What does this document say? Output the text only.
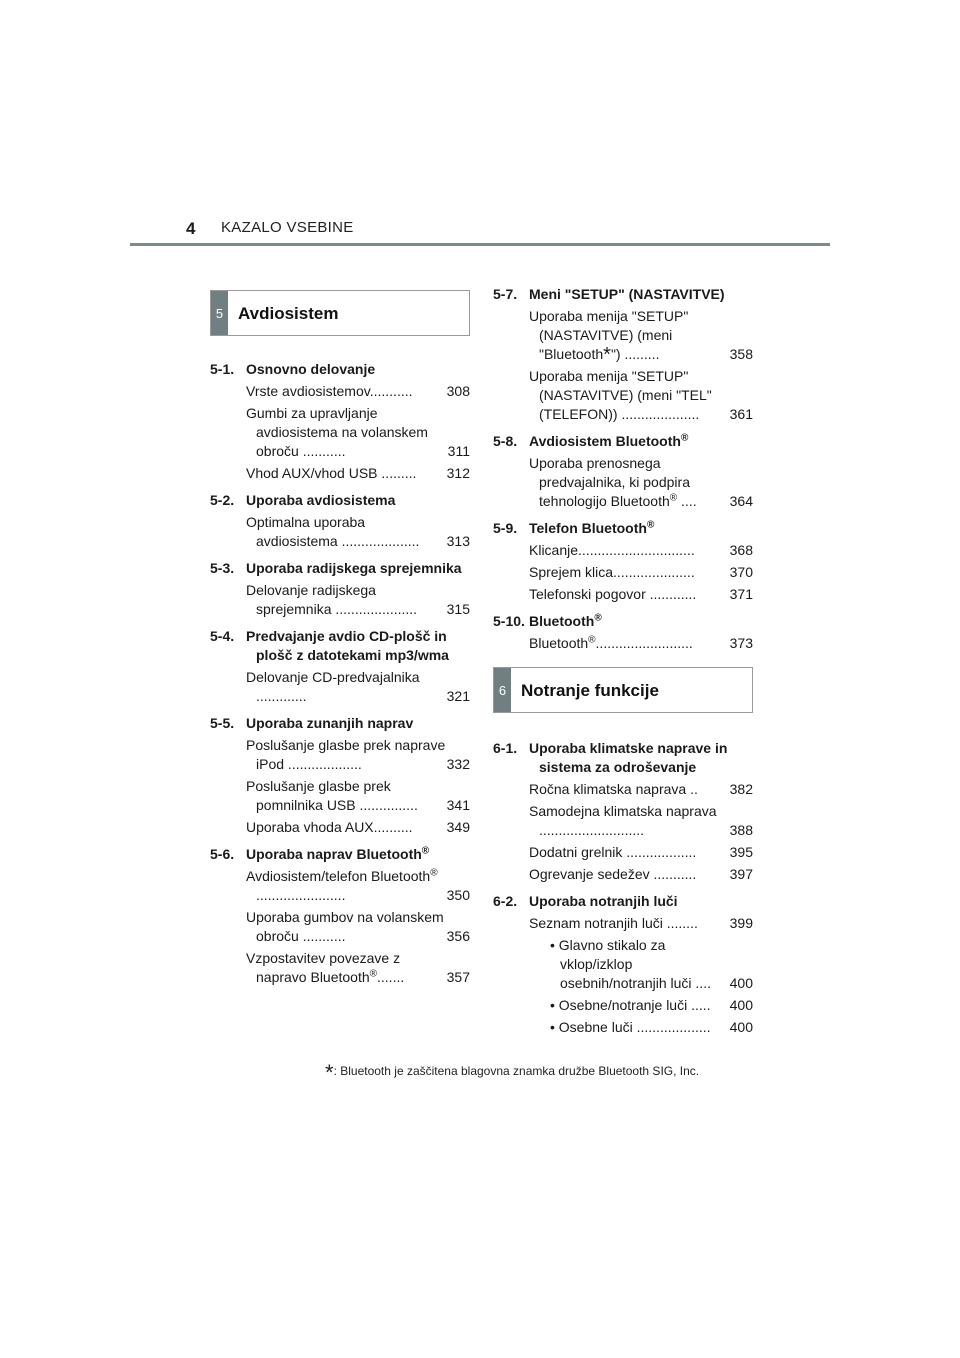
4 KAZALO VSEBINE
5 Avdiosistem
5-1. Osnovno delovanje
Vrste avdiosistemov...........	308
Gumbi za upravljanje avdiosistema na volanskem obroču ...........	311
Vhod AUX/vhod USB .........	312
5-2. Uporaba avdiosistema
Optimalna uporaba avdiosistema ....................	313
5-3. Uporaba radijskega sprejemnika
Delovanje radijskega sprejemnika .....................	315
5-4. Predvajanje avdio CD-plošč in plošč z datotekami mp3/wma
Delovanje CD-predvajalnika .............	321
5-5. Uporaba zunanjih naprav
Poslušanje glasbe prek naprave iPod ...................	332
Poslušanje glasbe prek pomnilnika USB ...............	341
Uporaba vhoda AUX..........	349
5-6. Uporaba naprav Bluetooth®
Avdiosistem/telefon Bluetooth® .......................	350
Uporaba gumbov na volanskem obroču ...........	356
Vzpostavitev povezave z napravo Bluetooth®.......	357
5-7. Meni "SETUP" (NASTAVITVE)
Uporaba menija "SETUP" (NASTAVITVE) (meni "Bluetooth*") .........	358
Uporaba menija "SETUP" (NASTAVITVE) (meni "TEL" (TELEFON)) ....................	361
5-8. Avdiosistem Bluetooth®
Uporaba prenosnega predvajalnika, ki podpira tehnologijo Bluetooth® ....	364
5-9. Telefon Bluetooth®
Klicanje..............................	368
Sprejem klica.....................	370
Telefonski pogovor ............	371
5-10. Bluetooth®
Bluetooth®.........................	373
6 Notranje funkcije
6-1. Uporaba klimatske naprave in sistema za odroševanje
Ročna klimatska naprava ..	382
Samodejna klimatska naprava ...........................	388
Dodatni grelnik ..................	395
Ogrevanje sedežev ...........	397
6-2. Uporaba notranjih luči
Seznam notranjih luči ........	399
• Glavno stikalo za vklop/izklop osebnih/notranjih luči ....	400
• Osebne/notranje luči .....	400
• Osebne luči ...................	400
*: Bluetooth je zaščitena blagovna znamka družbe Bluetooth SIG, Inc.
